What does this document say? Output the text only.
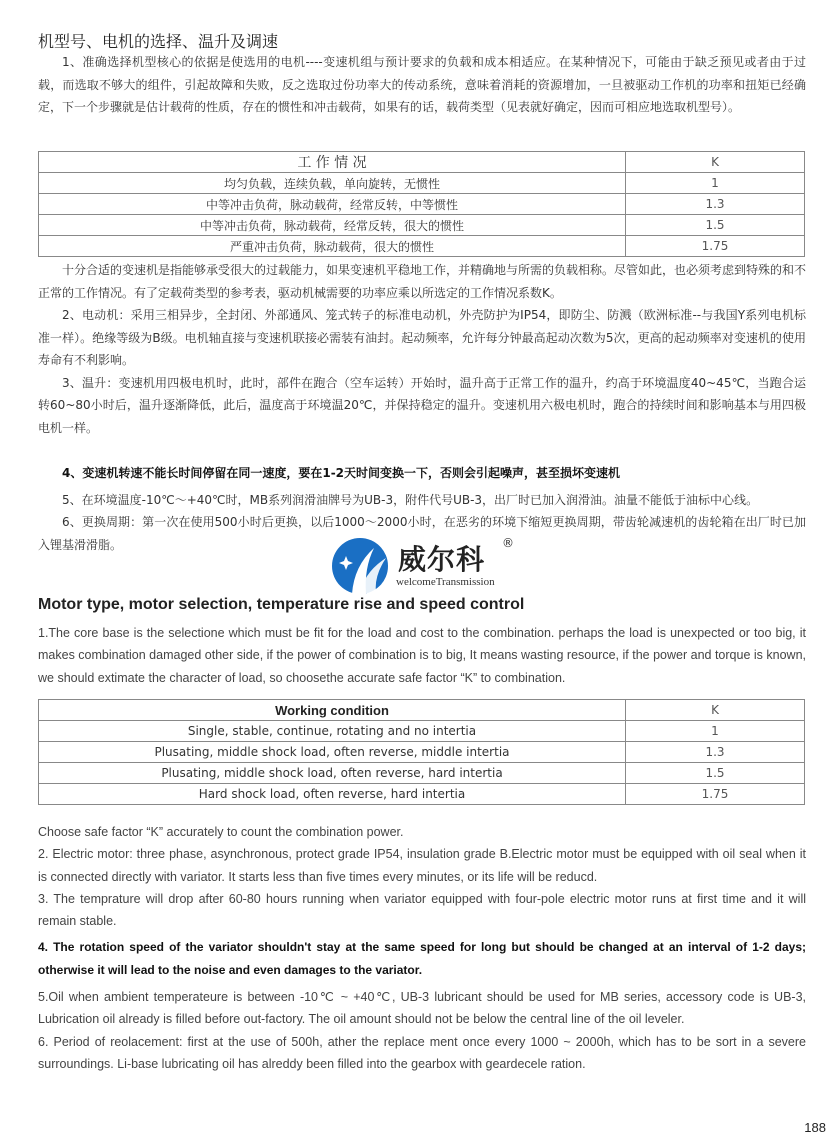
机型号、电机的选择、温升及调速

1、准确选择机型核心的依据是使选用的电机----变速机组与预计要求的负载和成本相适应。在某种情况下，可能由于缺乏预见或者由于过载，而选取不够大的组件，引起故障和失败，反之选取过份功率大的传动系统，意味着消耗的资源增加，一旦被驱动工作机的功率和扭矩已经确定，下一个步骤就是估计载荷的性质，存在的惯性和冲击载荷，如果有的话，载荷类型（见表就好确定，因而可相应地选取机型号）。

工 作 情 况	K
均匀负载，连续负载，单向旋转，无惯性	1
中等冲击负荷，脉动载荷，经常反转，中等惯性	1.3
中等冲击负荷，脉动载荷，经常反转，很大的惯性	1.5
严重冲击负荷，脉动载荷，很大的惯性	1.75

十分合适的变速机是指能够承受很大的过载能力，如果变速机平稳地工作，并精确地与所需的负载相称。尽管如此，也必须考虑到特殊的和不正常的工作情况。有了定载荷类型的参考表，驱动机械需要的功率应乘以所选定的工作情况系数K。

2、电动机：采用三相异步，全封闭、外部通风、笼式转子的标准电动机，外壳防护为IP54，即防尘、防溅（欧洲标准--与我国Y系列电机标准一样）。绝缘等级为B级。电机轴直接与变速机联接必需装有油封。起动频率，允许每分钟最高起动次数为5次，更高的起动频率对变速机的使用寿命有不利影响。

3、温升：变速机用四极电机时，此时，部件在跑合（空车运转）开始时，温升高于正常工作的温升，约高于环境温度40~45℃，当跑合运转60~80小时后，温升逐渐降低，此后，温度高于环境温20℃，并保持稳定的温升。变速机用六极电机时，跑合的持续时间和影响基本与用四极电机一样。

4、变速机转速不能长时间停留在同一速度，要在1-2天时间变换一下，否则会引起噪声，甚至损坏变速机

5、在环境温度-10℃～+40℃时，MB系列润滑油牌号为UB-3，附件代号UB-3，出厂时已加入润滑油。油量不能低于油标中心线。

6、更换周期：第一次在使用500小时后更换，以后1000～2000小时，在恶劣的环境下缩短更换周期，带齿轮减速机的齿轮箱在出厂时已加入锂基滑滑脂。	威尔科 ®
welcomeTransmission
Motor type, motor selection, temperature rise and speed control

1.The core base is the selectione which must be fit for the load and cost to the combination. perhaps the load is unexpected or too big, it makes combination damaged other side, if the power of combination is to big, It means wasting resource, if the power and torque is known, we should extimate the character of load, so choosethe accurate safe factor “K” to combination.

Working condition	K
Single, stable, continue, rotating and no intertia	1
Plusating, middle shock load, often reverse, middle intertia	1.3
Plusating, middle shock load, often reverse, hard intertia	1.5
Hard shock load, often reverse, hard intertia	1.75

Choose safe factor “K” accurately to count the combination power.

2. Electric motor: three phase, asynchronous, protect grade IP54, insulation grade B.Electric motor must be equipped with oil seal when it is connected directly with variator. It starts less than five times every minutes, or its life will be reducd.

3. The temprature will drop after 60-80 hours running when variator equipped with four-pole electric motor runs at first time and it will remain stable.

4. The rotation speed of the variator shouldn't stay at the same speed for long but should be changed at an interval of 1-2 days; otherwise it will lead to the noise and even damages to the variator.

5.Oil when ambient temperateure is between -10℃ ~ +40℃, UB-3 lubricant should be used for MB series, accessory code is UB-3, Lubrication oil already is filled before out-factory. The oil amount should not be below the central line of the oil leveler.

6. Period of reolacement: first at the use of 500h, ather the replace ment once every 1000 ~ 2000h, which has to be sort in a severe surroundings. Li-base lubricating oil has alreddy been filled into the gearbox with geardecele ration.

188
